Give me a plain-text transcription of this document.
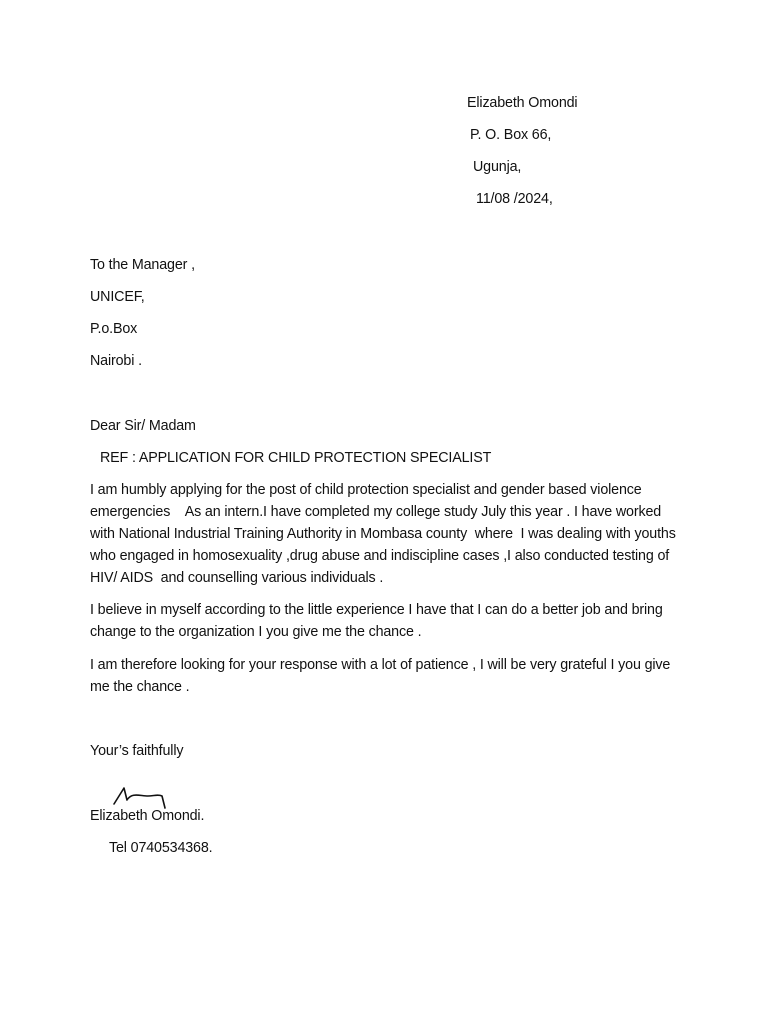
Elizabeth Omondi
P. O. Box 66,
Ugunja,
11/08 /2024,
To the Manager ,
UNICEF,
P.o.Box
Nairobi .
Dear Sir/ Madam
REF : APPLICATION FOR CHILD PROTECTION SPECIALIST
I am humbly applying for the post of child protection specialist and gender based violence emergencies    As an intern.I have completed my college study July this year . I have worked with National Industrial Training Authority in Mombasa county  where  I was dealing with youths who engaged in homosexuality ,drug abuse and indiscipline cases ,I also conducted testing of HIV/ AIDS  and counselling various individuals .
I believe in myself according to the little experience I have that I can do a better job and bring change to the organization I you give me the chance .
I am therefore looking for your response with a lot of patience , I will be very grateful I you give me the chance .
Your’s faithfully
Elizabeth Omondi.
Tel 0740534368.
